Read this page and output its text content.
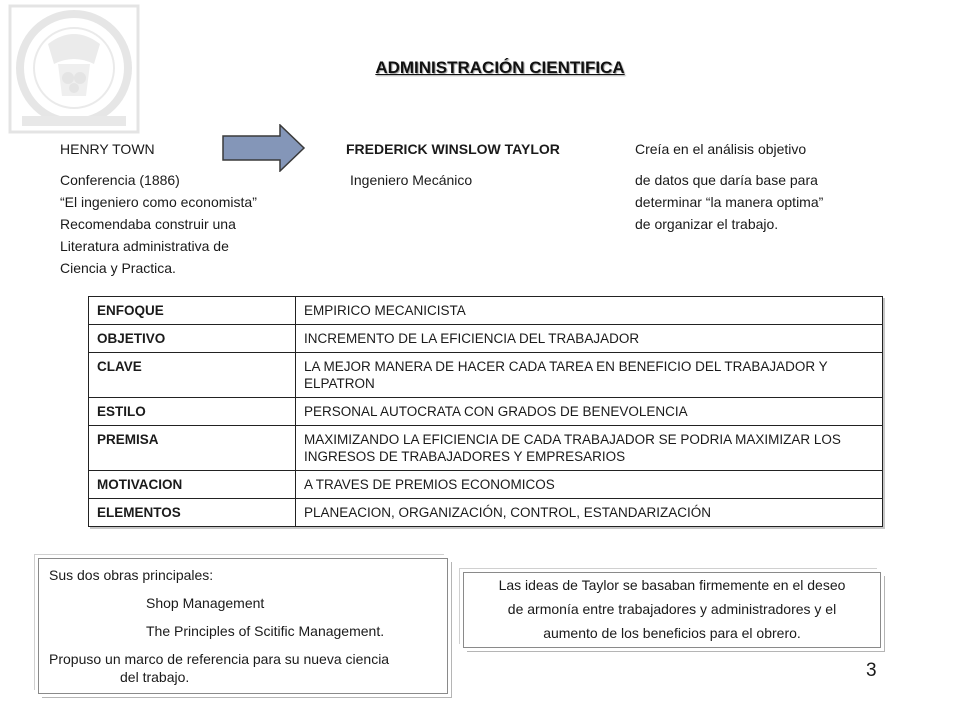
ADMINISTRACIÓN CIENTIFICA
HENRY TOWN
Conferencia (1886)
“El ingeniero como economista”
Recomendaba construir una
Literatura administrativa de
Ciencia y Practica.
FREDERICK WINSLOW TAYLOR
Ingeniero Mecánico
Creía en el análisis objetivo
de datos que daría base para
determinar “la manera optima”
de organizar el trabajo.
ENFOQUE	EMPIRICO MECANICISTA
OBJETIVO	INCREMENTO DE LA EFICIENCIA DEL TRABAJADOR
CLAVE	LA MEJOR MANERA DE HACER CADA TAREA EN BENEFICIO DEL TRABAJADOR Y ELPATRON
ESTILO	PERSONAL AUTOCRATA CON GRADOS DE BENEVOLENCIA
PREMISA	MAXIMIZANDO LA EFICIENCIA DE CADA TRABAJADOR SE PODRIA MAXIMIZAR LOS INGRESOS DE TRABAJADORES Y EMPRESARIOS
MOTIVACION	A TRAVES DE PREMIOS ECONOMICOS
ELEMENTOS	PLANEACION, ORGANIZACIÓN, CONTROL, ESTANDARIZACIÓN
Sus dos obras principales:
Shop Management
The Principles of Scitific Management.
Propuso un marco de referencia para su nueva ciencia
del trabajo.
Las ideas de Taylor se basaban firmemente en el deseo
de armonía entre trabajadores y administradores y el
aumento de los beneficios para el obrero.
3
